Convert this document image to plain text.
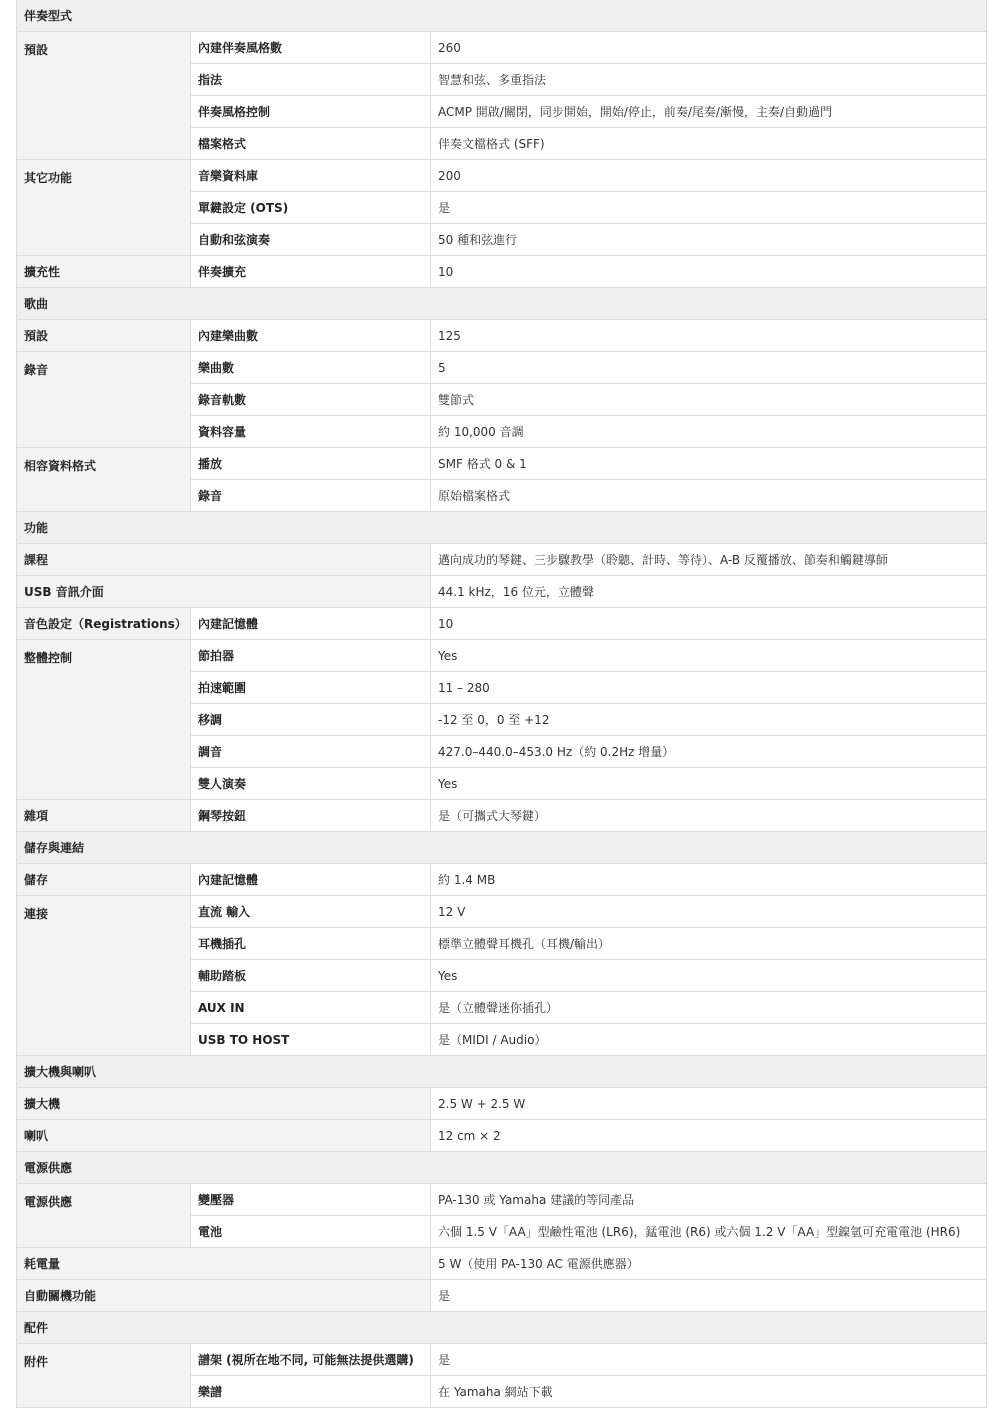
伴奏型式		
預設	內建伴奏風格數	260
	指法	智慧和弦、多重指法
	伴奏風格控制	ACMP 開啟/關閉，同步開始，開始/停止，前奏/尾奏/漸慢，主奏/自動過門
	檔案格式	伴奏文檔格式 (SFF)
其它功能	音樂資料庫	200
	單鍵設定 (OTS)	是
	自動和弦演奏	50 種和弦進行
擴充性	伴奏擴充	10
歌曲		
預設	內建樂曲數	125
錄音	樂曲數	5
	錄音軌數	雙節式
	資料容量	約 10,000 音調
相容資料格式	播放	SMF 格式 0 & 1
	錄音	原始檔案格式
功能		
課程		邁向成功的琴鍵、三步驟教學（聆聽、計時、等待）、A-B 反覆播放、節奏和觸鍵導師
USB 音訊介面		44.1 kHz，16 位元，立體聲
音色設定（Registrations）	內建記憶體	10
整體控制	節拍器	Yes
	拍速範圍	11 – 280
	移調	-12 至 0，0 至 +12
	調音	427.0–440.0–453.0 Hz（約 0.2Hz 增量）
	雙人演奏	Yes
雜項	鋼琴按鈕	是（可攜式大琴鍵）
儲存與連結		
儲存	內建記憶體	約 1.4 MB
連接	直流 輸入	12 V
	耳機插孔	標準立體聲耳機孔（耳機/輸出）
	輔助踏板	Yes
	AUX IN	是（立體聲迷你插孔）
	USB TO HOST	是（MIDI / Audio）
擴大機與喇叭		
擴大機		2.5 W + 2.5 W
喇叭		12 cm × 2
電源供應		
電源供應	變壓器	PA-130 或 Yamaha 建議的等同產品
	電池	六個 1.5 V「AA」型鹼性電池 (LR6)，錳電池 (R6) 或六個 1.2 V「AA」型鎳氫可充電電池 (HR6)
耗電量		5 W（使用 PA-130 AC 電源供應器）
自動關機功能		是
配件		
附件	譜架 (視所在地不同, 可能無法提供選購)	是
	樂譜	在 Yamaha 網站下載
